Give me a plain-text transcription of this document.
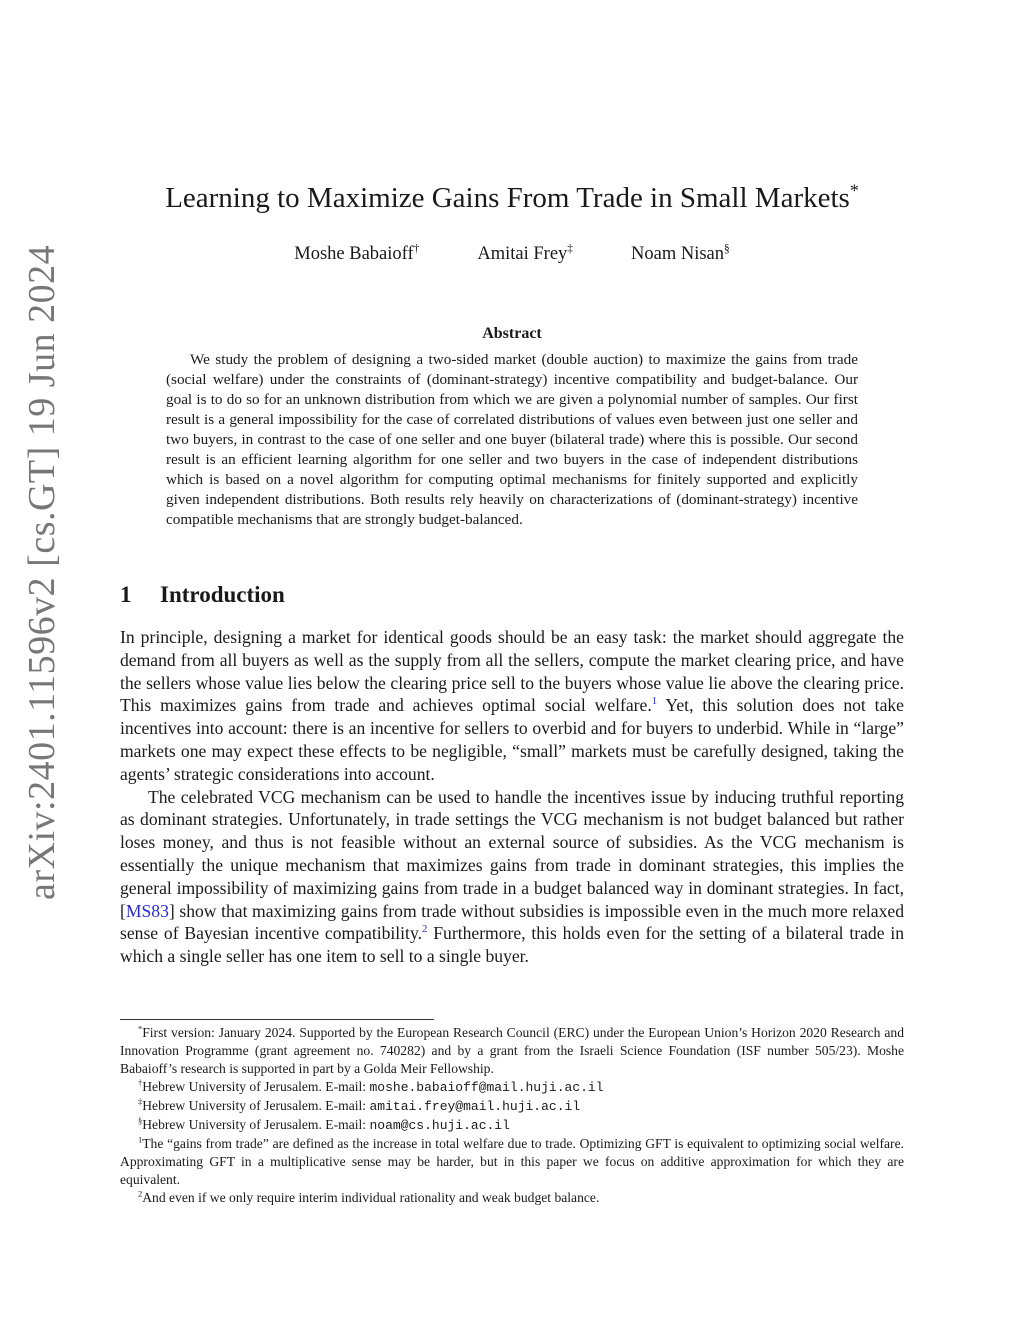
arXiv:2401.11596v2 [cs.GT] 19 Jun 2024
Learning to Maximize Gains From Trade in Small Markets*
Moshe Babaioff†	Amitai Frey‡	Noam Nisan§
Abstract
We study the problem of designing a two-sided market (double auction) to maximize the gains from trade (social welfare) under the constraints of (dominant-strategy) incentive compatibility and budget-balance. Our goal is to do so for an unknown distribution from which we are given a polynomial number of samples. Our first result is a general impossibility for the case of correlated distributions of values even between just one seller and two buyers, in contrast to the case of one seller and one buyer (bilateral trade) where this is possible. Our second result is an efficient learning algorithm for one seller and two buyers in the case of independent distributions which is based on a novel algorithm for computing optimal mechanisms for finitely supported and explicitly given independent distributions. Both results rely heavily on characterizations of (dominant-strategy) incentive compatible mechanisms that are strongly budget-balanced.
1 Introduction

In principle, designing a market for identical goods should be an easy task: the market should aggregate the demand from all buyers as well as the supply from all the sellers, compute the market clearing price, and have the sellers whose value lies below the clearing price sell to the buyers whose value lie above the clearing price. This maximizes gains from trade and achieves optimal social welfare.$^1$ Yet, this solution does not take incentives into account: there is an incentive for sellers to overbid and for buyers to underbid. While in “large” markets one may expect these effects to be negligible, “small” markets must be carefully designed, taking the agents’ strategic considerations into account.

The celebrated VCG mechanism can be used to handle the incentives issue by inducing truthful reporting as dominant strategies. Unfortunately, in trade settings the VCG mechanism is not budget balanced but rather loses money, and thus is not feasible without an external source of subsidies. As the VCG mechanism is essentially the unique mechanism that maximizes gains from trade in dominant strategies, this implies the general impossibility of maximizing gains from trade in a budget balanced way in dominant strategies. In fact, [MS83] show that maximizing gains from trade without subsidies is impossible even in the much more relaxed sense of Bayesian incentive compatibility.$^2$ Furthermore, this holds even for the setting of a bilateral trade in which a single seller has one item to sell to a single buyer.

*First version: January 2024. Supported by the European Research Council (ERC) under the European Union’s Horizon 2020 Research and Innovation Programme (grant agreement no. 740282) and by a grant from the Israeli Science Foundation (ISF number 505/23). Moshe Babaioff’s research is supported in part by a Golda Meir Fellowship.

†Hebrew University of Jerusalem. E-mail: moshe.babaioff@mail.huji.ac.il

‡Hebrew University of Jerusalem. E-mail: amitai.frey@mail.huji.ac.il

§Hebrew University of Jerusalem. E-mail: noam@cs.huji.ac.il

$^1$The “gains from trade” are defined as the increase in total welfare due to trade. Optimizing GFT is equivalent to optimizing social welfare. Approximating GFT in a multiplicative sense may be harder, but in this paper we focus on additive approximation for which they are equivalent.

$^2$And even if we only require interim individual rationality and weak budget balance.
